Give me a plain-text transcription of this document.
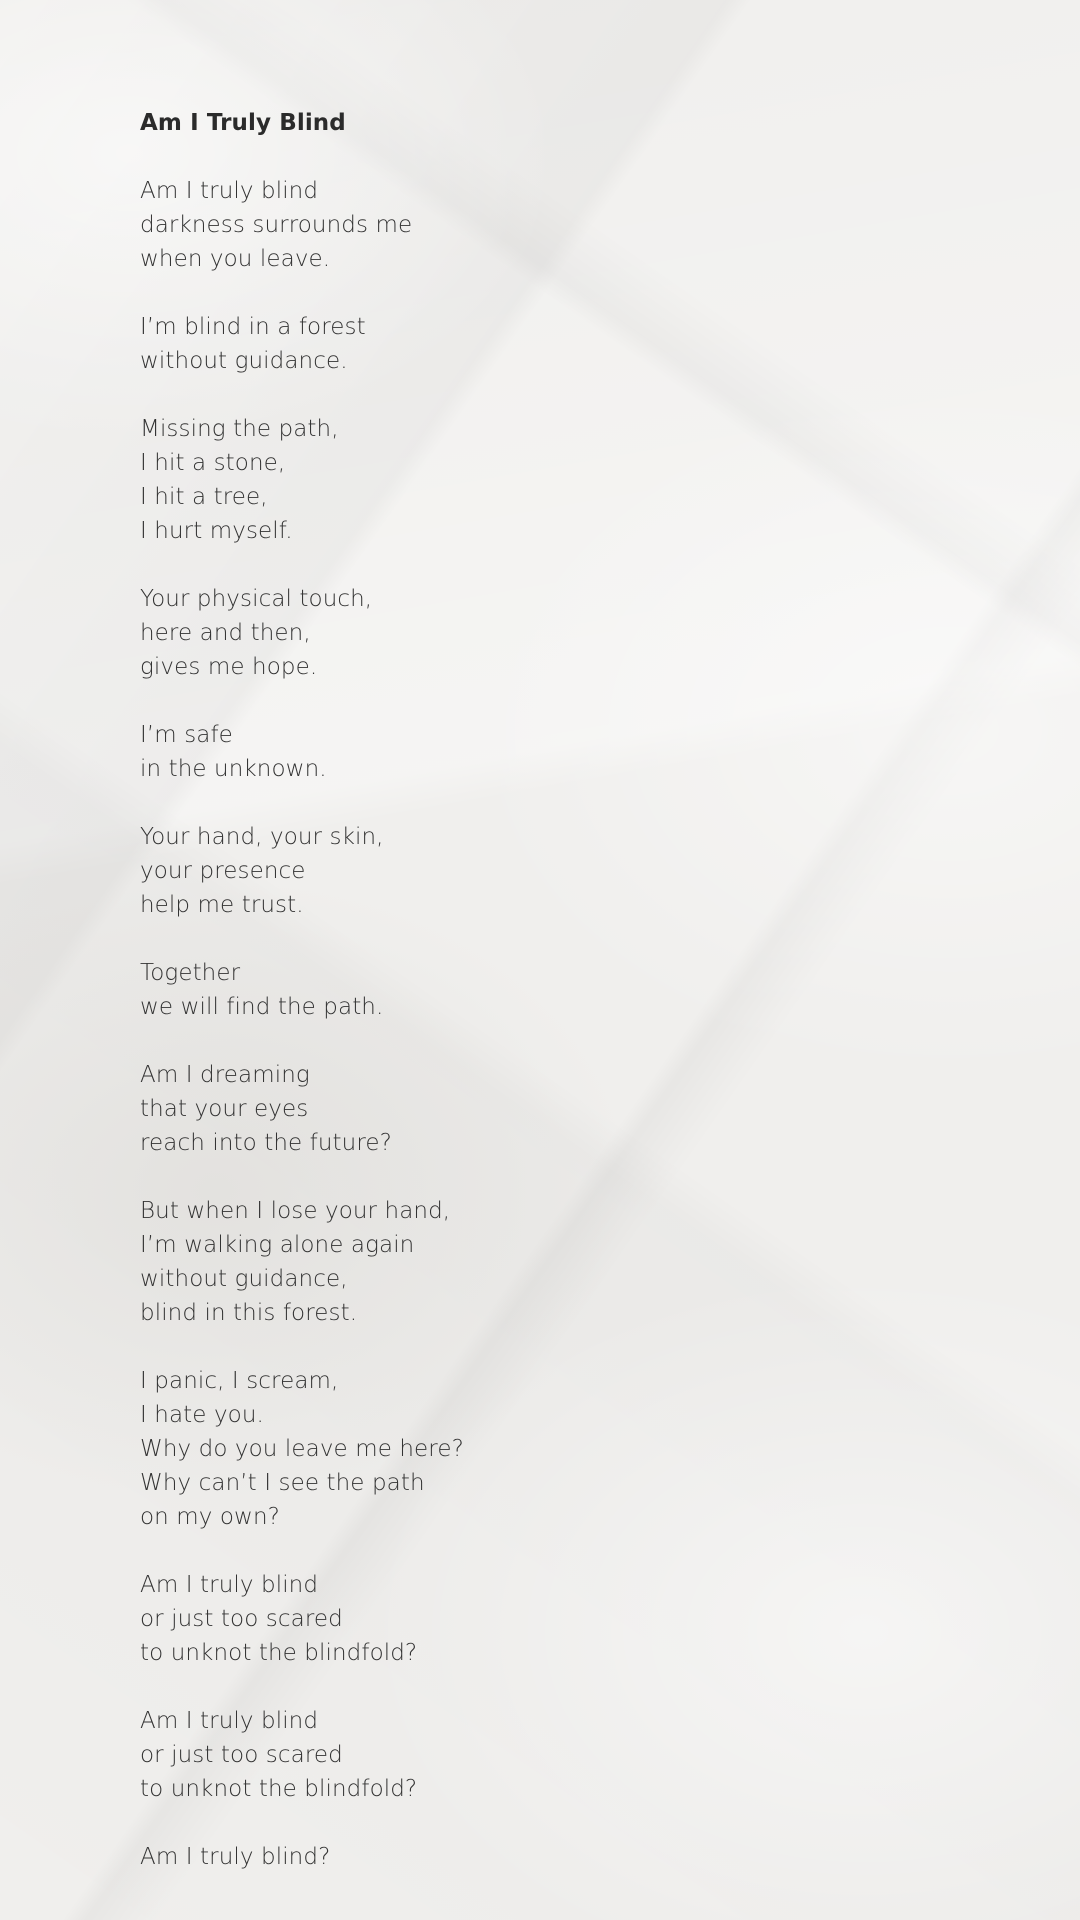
Am I Truly Blind
Am I truly blind
darkness surrounds me
when you leave.
I’m blind in a forest
without guidance.
Missing the path,
I hit a stone,
I hit a tree,
I hurt myself.
Your physical touch,
here and then,
gives me hope.
I’m safe
in the unknown.
Your hand, your skin,
your presence
help me trust.
Together
we will find the path.
Am I dreaming
that your eyes
reach into the future?
But when I lose your hand,
I’m walking alone again
without guidance,
blind in this forest.
I panic, I scream,
I hate you.
Why do you leave me here?
Why can’t I see the path
on my own?
Am I truly blind
or just too scared
to unknot the blindfold?
Am I truly blind
or just too scared
to unknot the blindfold?
Am I truly blind?
